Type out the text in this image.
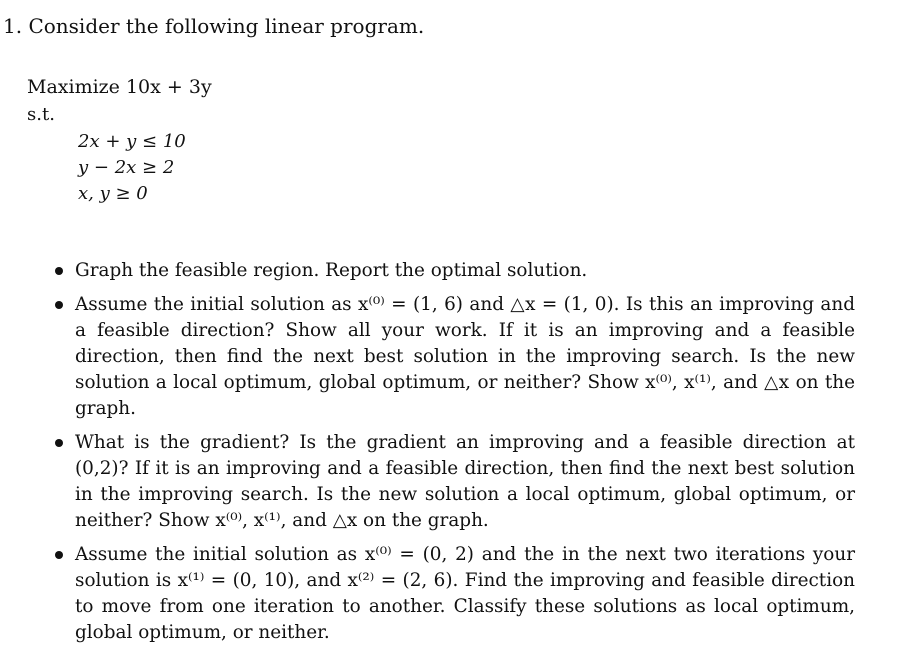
1. Consider the following linear program.
Maximize 10x + 3y
s.t.
2x + y ≤ 10
y − 2x ≥ 2
x, y ≥ 0
Graph the feasible region. Report the optimal solution.
Assume the initial solution as x⁽⁰⁾ = (1, 6) and △x = (1, 0). Is this an improving and a feasible direction? Show all your work. If it is an improving and a feasible direction, then find the next best solution in the improving search. Is the new solution a local optimum, global optimum, or neither? Show x⁽⁰⁾, x⁽¹⁾, and △x on the graph.
What is the gradient? Is the gradient an improving and a feasible direction at (0,2)? If it is an improving and a feasible direction, then find the next best solution in the improving search. Is the new solution a local optimum, global optimum, or neither? Show x⁽⁰⁾, x⁽¹⁾, and △x on the graph.
Assume the initial solution as x⁽⁰⁾ = (0, 2) and the in the next two iterations your solution is x⁽¹⁾ = (0, 10), and x⁽²⁾ = (2, 6). Find the improving and feasible direction to move from one iteration to another. Classify these solutions as local optimum, global optimum, or neither.
